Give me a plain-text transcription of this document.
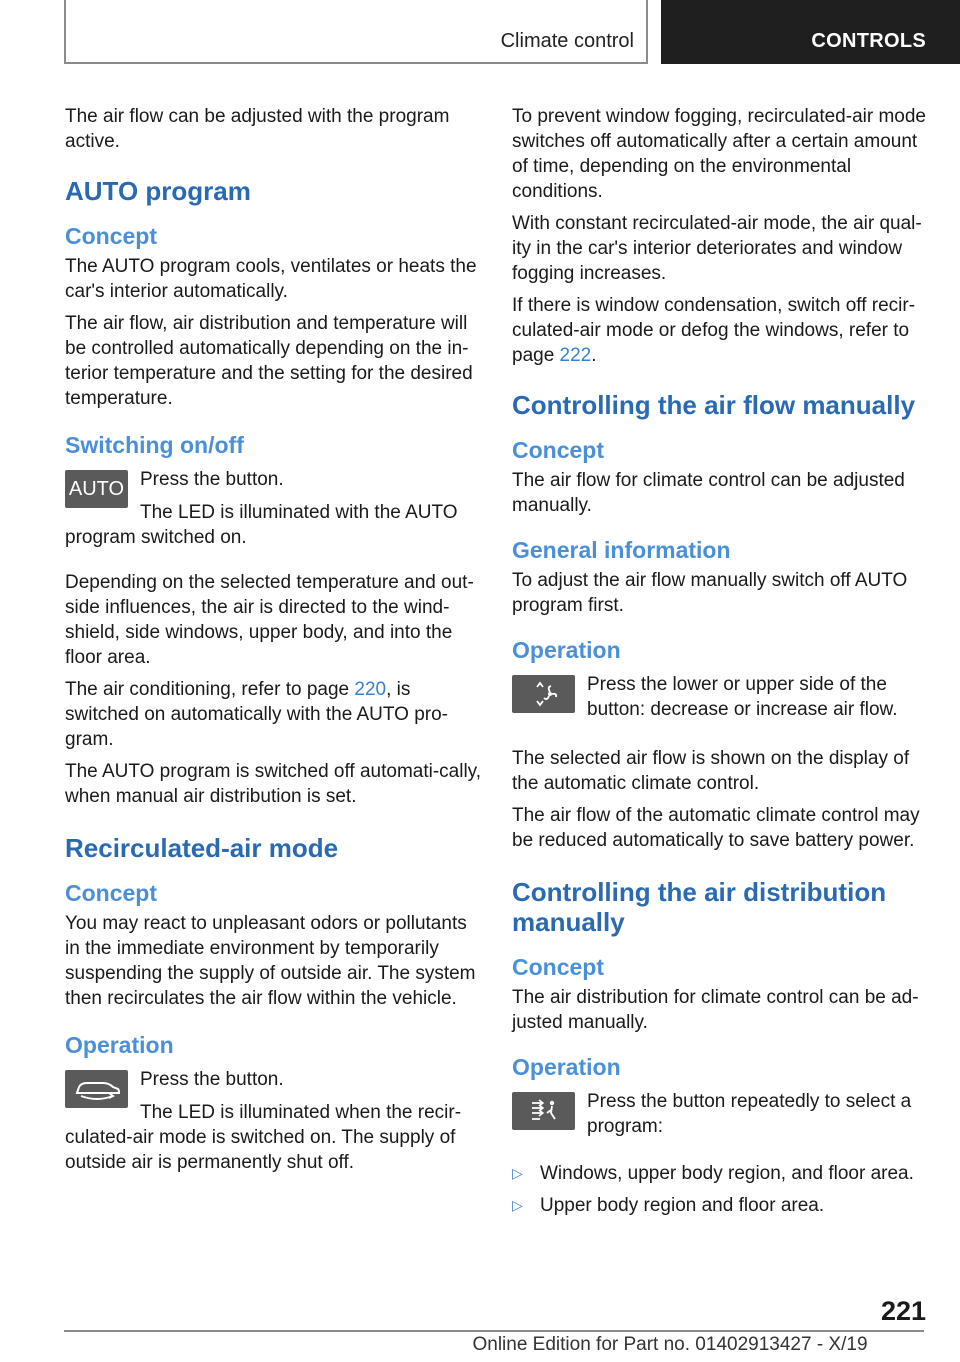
Climate control	CONTROLS

The air flow can be adjusted with the program active.

AUTO program
Concept

The AUTO program cools, ventilates or heats the car's interior automatically.

The air flow, air distribution and temperature will be controlled automatically depending on the in-terior temperature and the setting for the desired temperature.

Switching on/off
AUTO Press the button.

The LED is illuminated with the AUTO

program switched on.

Depending on the selected temperature and out-side influences, the air is directed to the wind-shield, side windows, upper body, and into the floor area.

The air conditioning, refer to page 220, is switched on automatically with the AUTO pro-gram.

The AUTO program is switched off automati-cally, when manual air distribution is set.

Recirculated-air mode
Concept

You may react to unpleasant odors or pollutants in the immediate environment by temporarily suspending the supply of outside air. The system then recirculates the air flow within the vehicle.

Operation

Press the button.

The LED is illuminated when the recir-

culated-air mode is switched on. The supply of outside air is permanently shut off.

To prevent window fogging, recirculated-air mode switches off automatically after a certain amount of time, depending on the environmental conditions.

With constant recirculated-air mode, the air qual-ity in the car's interior deteriorates and window fogging increases.

If there is window condensation, switch off recir-culated-air mode or defog the windows, refer to page 222.

Controlling the air flow manually
Concept

The air flow for climate control can be adjusted manually.

General information

To adjust the air flow manually switch off AUTO program first.

Operation

Press the lower or upper side of the button: decrease or increase air flow.

The selected air flow is shown on the display of the automatic climate control.

The air flow of the automatic climate control may be reduced automatically to save battery power.

Controlling the air distribution manually
Concept

The air distribution for climate control can be ad-justed manually.

Operation

Press the button repeatedly to select a program:

▷ Windows, upper body region, and floor area.
▷ Upper body region and floor area.
221
Online Edition for Part no. 01402913427 - X/19
